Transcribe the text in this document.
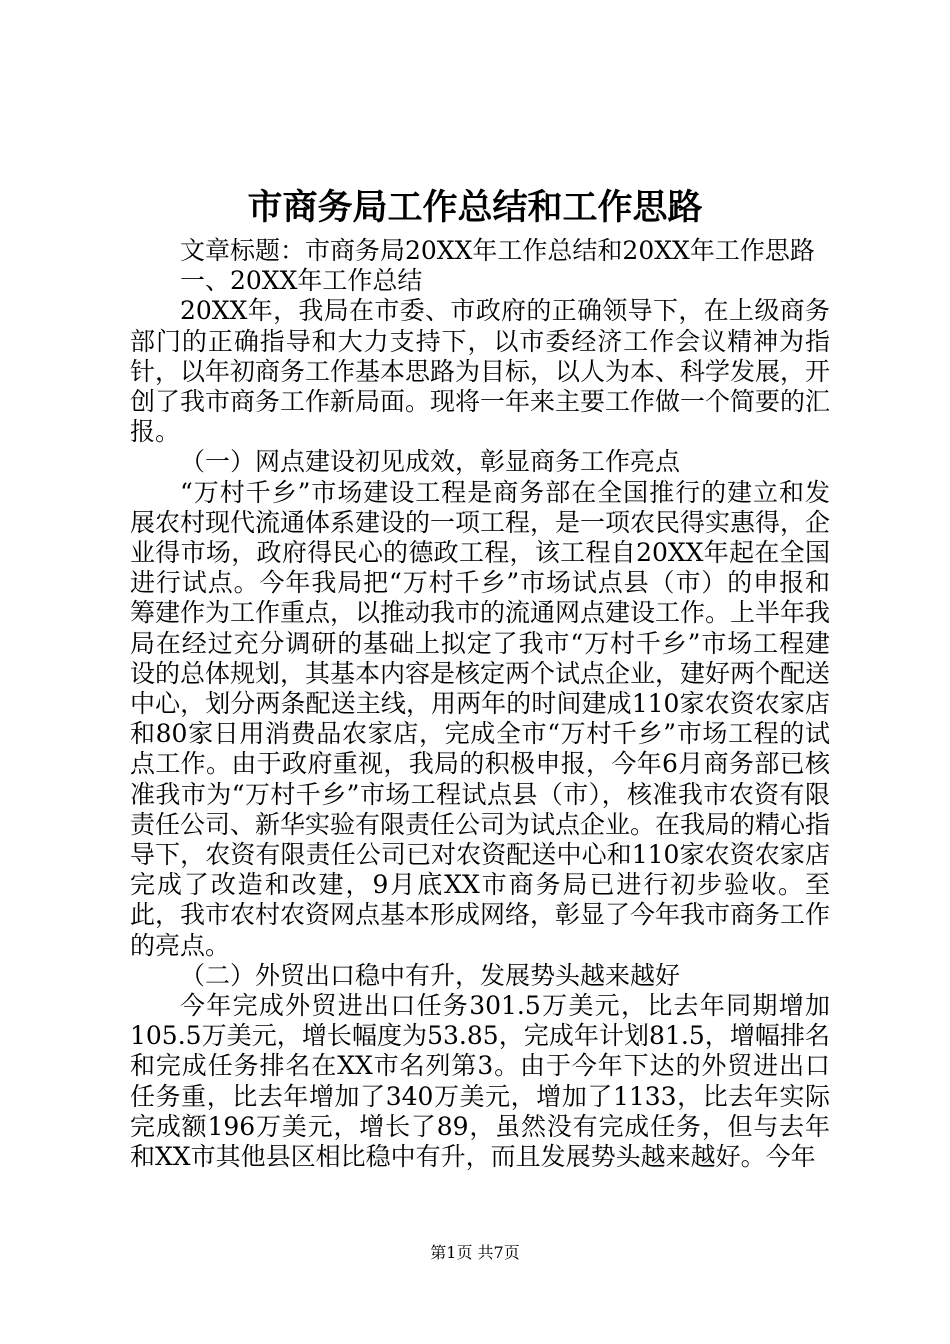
市商务局工作总结和工作思路

文章标题：市商务局20XX年工作总结和20XX年工作思路

一、20XX年工作总结

20XX年，我局在市委、市政府的正确领导下，在上级商务部门的正确指导和大力支持下，以市委经济工作会议精神为指针，以年初商务工作基本思路为目标，以人为本、科学发展，开创了我市商务工作新局面。现将一年来主要工作做一个简要的汇报。

（一）网点建设初见成效，彰显商务工作亮点

“万村千乡”市场建设工程是商务部在全国推行的建立和发展农村现代流通体系建设的一项工程，是一项农民得实惠得，企业得市场，政府得民心的德政工程，该工程自20XX年起在全国进行试点。今年我局把“万村千乡”市场试点县（市）的申报和筹建作为工作重点，以推动我市的流通网点建设工作。上半年我局在经过充分调研的基础上拟定了我市“万村千乡”市场工程建设的总体规划，其基本内容是核定两个试点企业，建好两个配送中心，划分两条配送主线，用两年的时间建成110家农资农家店和80家日用消费品农家店，完成全市“万村千乡”市场工程的试点工作。由于政府重视，我局的积极申报，今年6月商务部已核准我市为“万村千乡”市场工程试点县（市），核准我市农资有限责任公司、新华实验有限责任公司为试点企业。在我局的精心指导下，农资有限责任公司已对农资配送中心和110家农资农家店完成了改造和改建，9月底XX市商务局已进行初步验收。至此，我市农村农资网点基本形成网络，彰显了今年我市商务工作的亮点。

（二）外贸出口稳中有升，发展势头越来越好

今年完成外贸进出口任务301.5万美元，比去年同期增加105.5万美元，增长幅度为53.85，完成年计划81.5，增幅排名和完成任务排名在XX市名列第3。由于今年下达的外贸进出口任务重，比去年增加了340万美元，增加了1133，比去年实际完成额196万美元，增长了89，虽然没有完成任务，但与去年和XX市其他县区相比稳中有升，而且发展势头越来越好。今年

第1页 共7页
